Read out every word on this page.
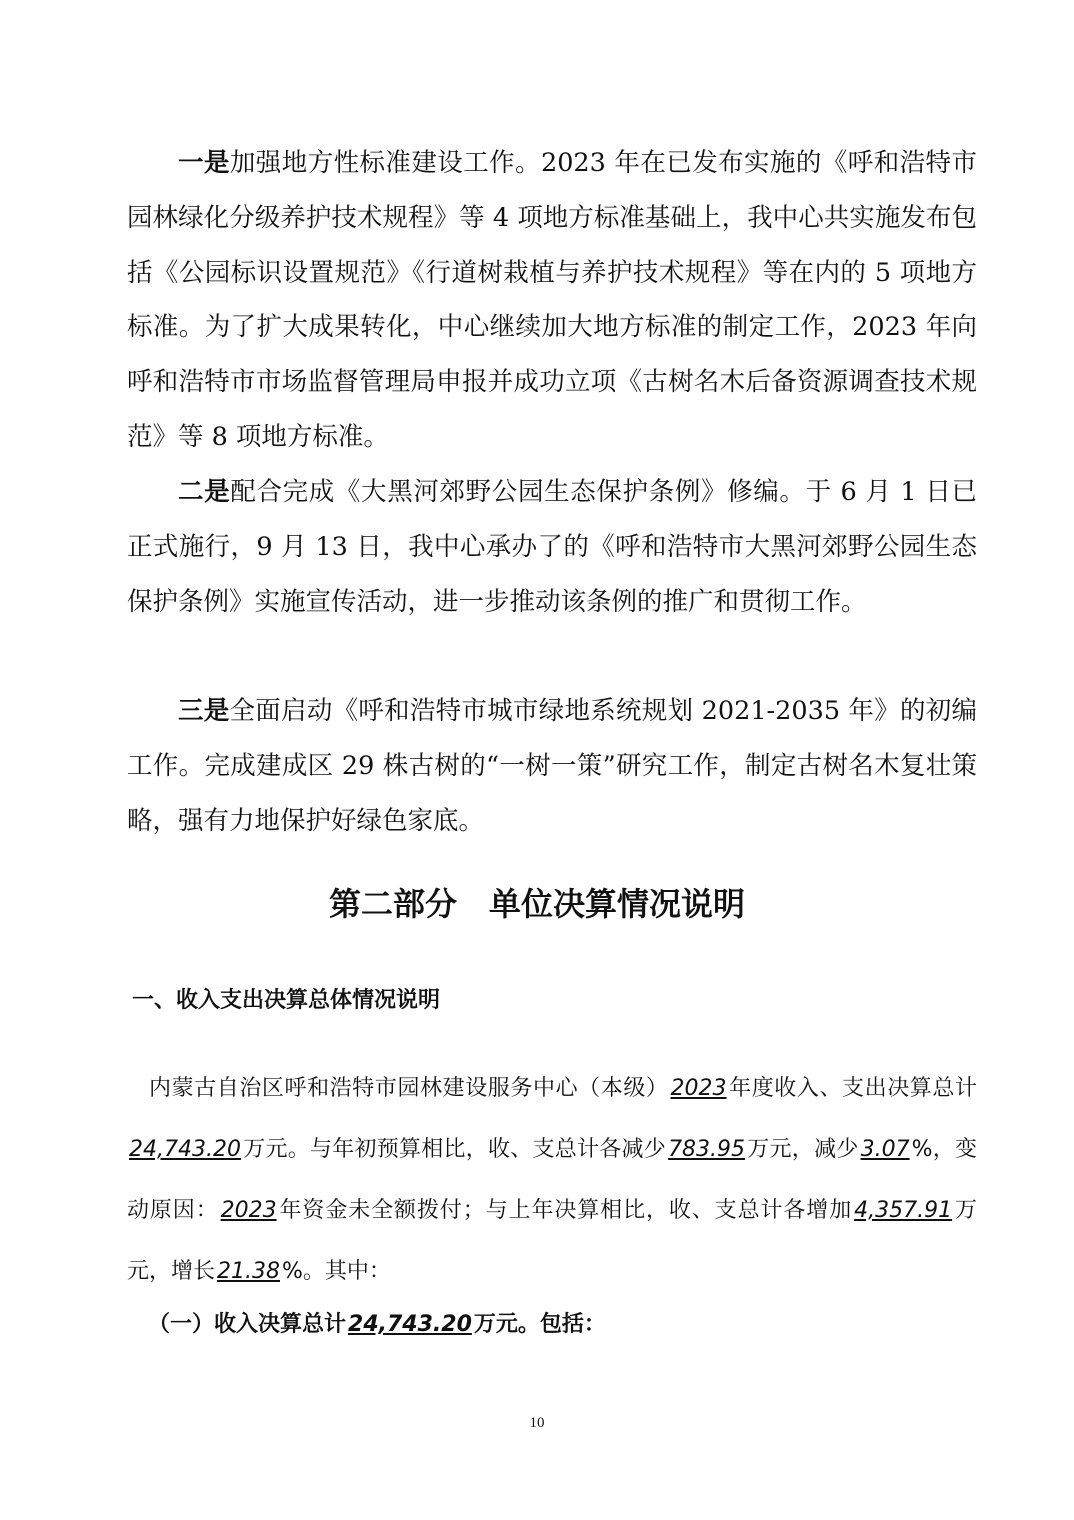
一是加强地方性标准建设工作。2023 年在已发布实施的《呼和浩特市园林绿化分级养护技术规程》等 4 项地方标准基础上，我中心共实施发布包括《公园标识设置规范》《行道树栽植与养护技术规程》等在内的 5 项地方标准。为了扩大成果转化，中心继续加大地方标准的制定工作，2023 年向呼和浩特市市场监督管理局申报并成功立项《古树名木后备资源调查技术规范》等 8 项地方标准。

二是配合完成《大黑河郊野公园生态保护条例》修编。于 6 月 1 日已正式施行，9 月 13 日，我中心承办了的《呼和浩特市大黑河郊野公园生态保护条例》实施宣传活动，进一步推动该条例的推广和贯彻工作。

三是全面启动《呼和浩特市城市绿地系统规划 2021-2035 年》的初编工作。完成建成区 29 株古树的“一树一策”研究工作，制定古树名木复壮策略，强有力地保护好绿色家底。

第二部分　单位决算情况说明
一、收入支出决算总体情况说明

内蒙古自治区呼和浩特市园林建设服务中心（本级）2023年度收入、支出决算总计24,743.20万元。与年初预算相比，收、支总计各减少783.95万元，减少3.07%，变动原因：2023年资金未全额拨付；与上年决算相比，收、支总计各增加4,357.91万元，增长21.38%。其中：

（一）收入决算总计24,743.20万元。包括：
10
